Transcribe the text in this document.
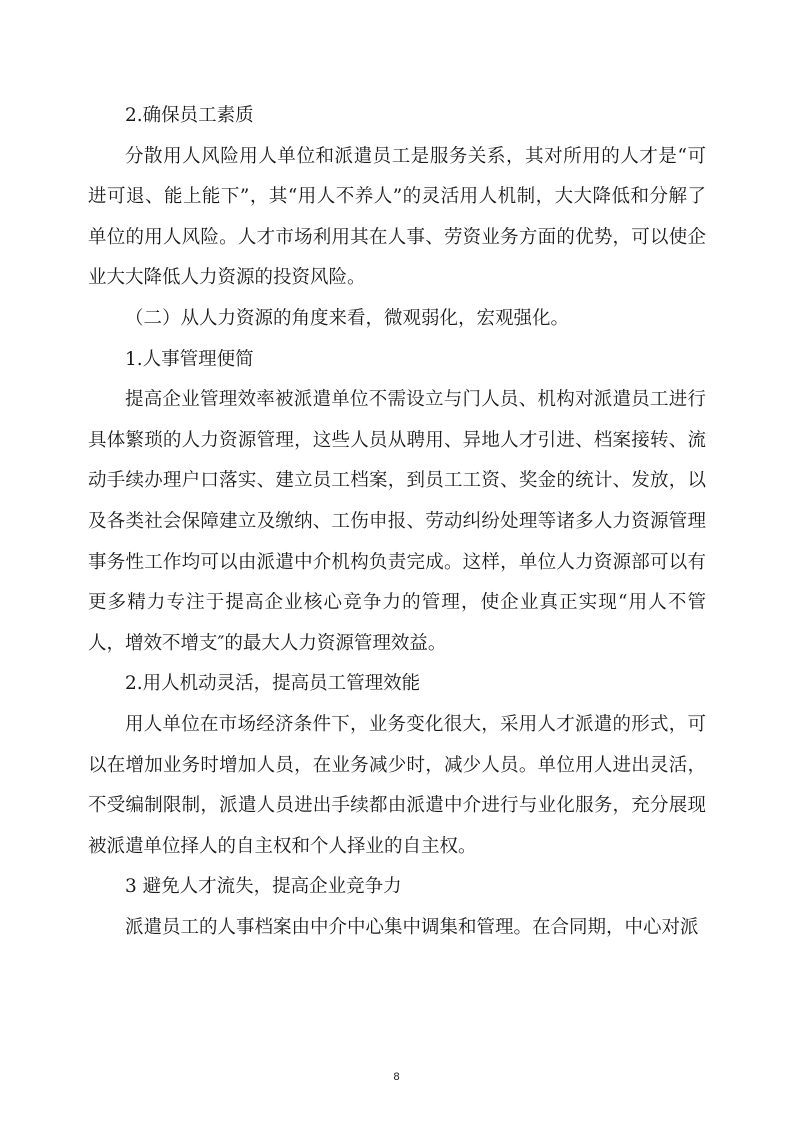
2.确保员工素质

分散用人风险用人单位和派遣员工是服务关系，其对所用的人才是“可进可退、能上能下”，其“用人不养人”的灵活用人机制，大大降低和分解了单位的用人风险。人才市场利用其在人事、劳资业务方面的优势，可以使企业大大降低人力资源的投资风险。

（二）从人力资源的角度来看，微观弱化，宏观强化。

1.人事管理便简

提高企业管理效率被派遣单位不需设立与门人员、机构对派遣员工进行具体繁琐的人力资源管理，这些人员从聘用、异地人才引进、档案接转、流动手续办理户口落实、建立员工档案，到员工工资、奖金的统计、发放，以及各类社会保障建立及缴纳、工伤申报、劳动纠纷处理等诸多人力资源管理事务性工作均可以由派遣中介机构负责完成。这样，单位人力资源部可以有更多精力专注于提高企业核心竞争力的管理，使企业真正实现“用人不管人，增效不增支″的最大人力资源管理效益。

2.用人机动灵活，提高员工管理效能

用人单位在市场经济条件下，业务变化很大，采用人才派遣的形式，可以在增加业务时增加人员，在业务减少时，减少人员。单位用人进出灵活，不受编制限制，派遣人员进出手续都由派遣中介进行与业化服务，充分展现被派遣单位择人的自主权和个人择业的自主权。

3 避免人才流失，提高企业竞争力

派遣员工的人事档案由中介中心集中调集和管理。在合同期，中心对派

8
